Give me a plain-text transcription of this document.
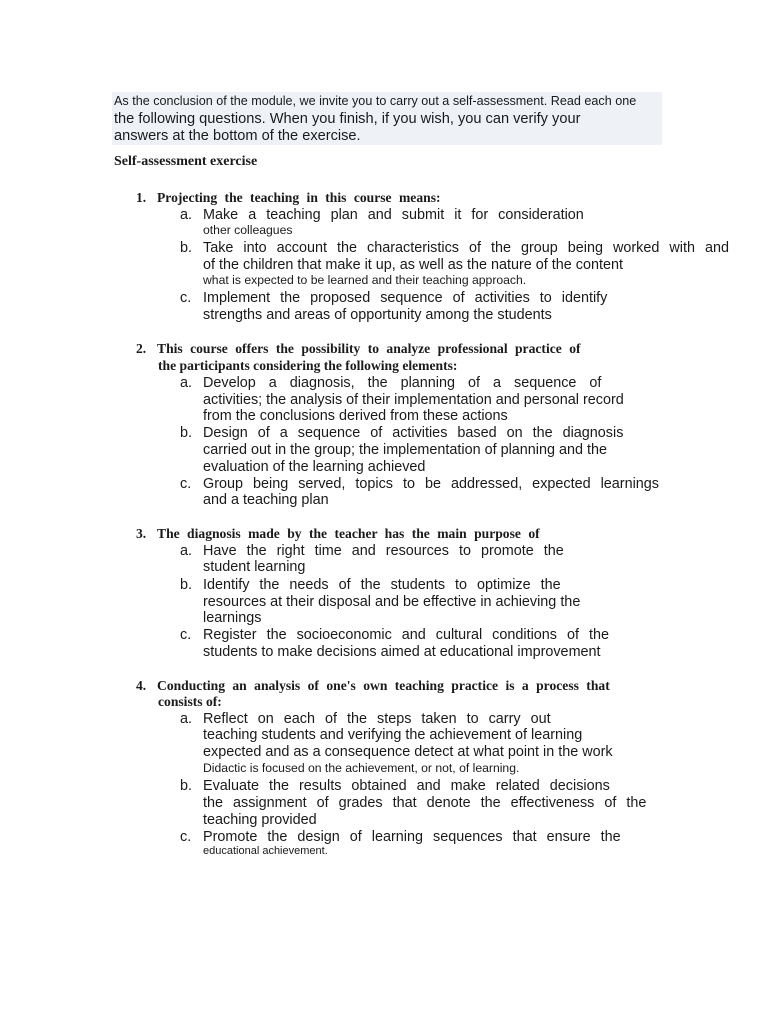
As the conclusion of the module, we invite you to carry out a self-assessment. Read each one
the following questions. When you finish, if you wish, you can verify your
answers at the bottom of the exercise.
Self-assessment exercise
1. Projecting the teaching in this course means:
a. Make a teaching plan and submit it for consideration
other colleagues
b. Take into account the characteristics of the group being worked with and
of the children that make it up, as well as the nature of the content
what is expected to be learned and their teaching approach.
c. Implement the proposed sequence of activities to identify
strengths and areas of opportunity among the students
2. This course offers the possibility to analyze professional practice of
the participants considering the following elements:
a. Develop a diagnosis, the planning of a sequence of
activities; the analysis of their implementation and personal record
from the conclusions derived from these actions
b. Design of a sequence of activities based on the diagnosis
carried out in the group; the implementation of planning and the
evaluation of the learning achieved
c. Group being served, topics to be addressed, expected learnings
and a teaching plan
3. The diagnosis made by the teacher has the main purpose of
a. Have the right time and resources to promote the
student learning
b. Identify the needs of the students to optimize the
resources at their disposal and be effective in achieving the
learnings
c. Register the socioeconomic and cultural conditions of the
students to make decisions aimed at educational improvement
4. Conducting an analysis of one's own teaching practice is a process that
consists of:
a. Reflect on each of the steps taken to carry out
teaching students and verifying the achievement of learning
expected and as a consequence detect at what point in the work
Didactic is focused on the achievement, or not, of learning.
b. Evaluate the results obtained and make related decisions
the assignment of grades that denote the effectiveness of the
teaching provided
c. Promote the design of learning sequences that ensure the
educational achievement.
